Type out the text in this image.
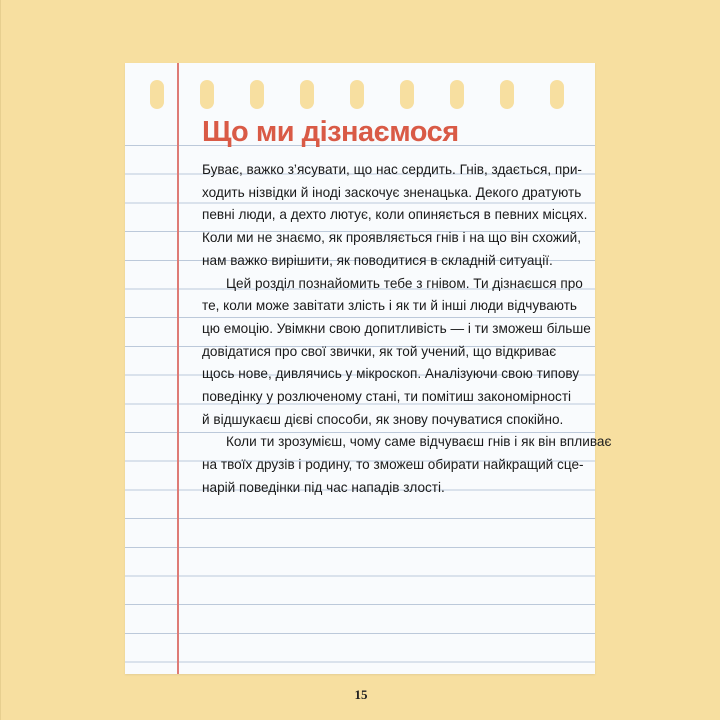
Що ми дізнаємося

Буває, важко з’ясувати, що нас сердить. Гнів, здається, при-
ходить нізвідки й іноді заскочує зненацька. Декого дратують
певні люди, а дехто лютує, коли опиняється в певних місцях.
Коли ми не знаємо, як проявляється гнів і на що він схожий,
нам важко вирішити, як поводитися в складній ситуації.

Цей розділ познайомить тебе з гнівом. Ти дізнаєшся про
те, коли може завітати злість і як ти й інші люди відчувають
цю емоцію. Увімкни свою допитливість — і ти зможеш більше
довідатися про свої звички, як той учений, що відкриває
щось нове, дивлячись у мікроскоп. Аналізуючи свою типову
поведінку у розлюченому стані, ти помітиш закономірності
й відшукаєш дієві способи, як знову почуватися спокійно.

Коли ти зрозумієш, чому саме відчуваєш гнів і як він впливає
на твоїх друзів і родину, то зможеш обирати найкращий сце-
нарій поведінки під час нападів злості.

15
